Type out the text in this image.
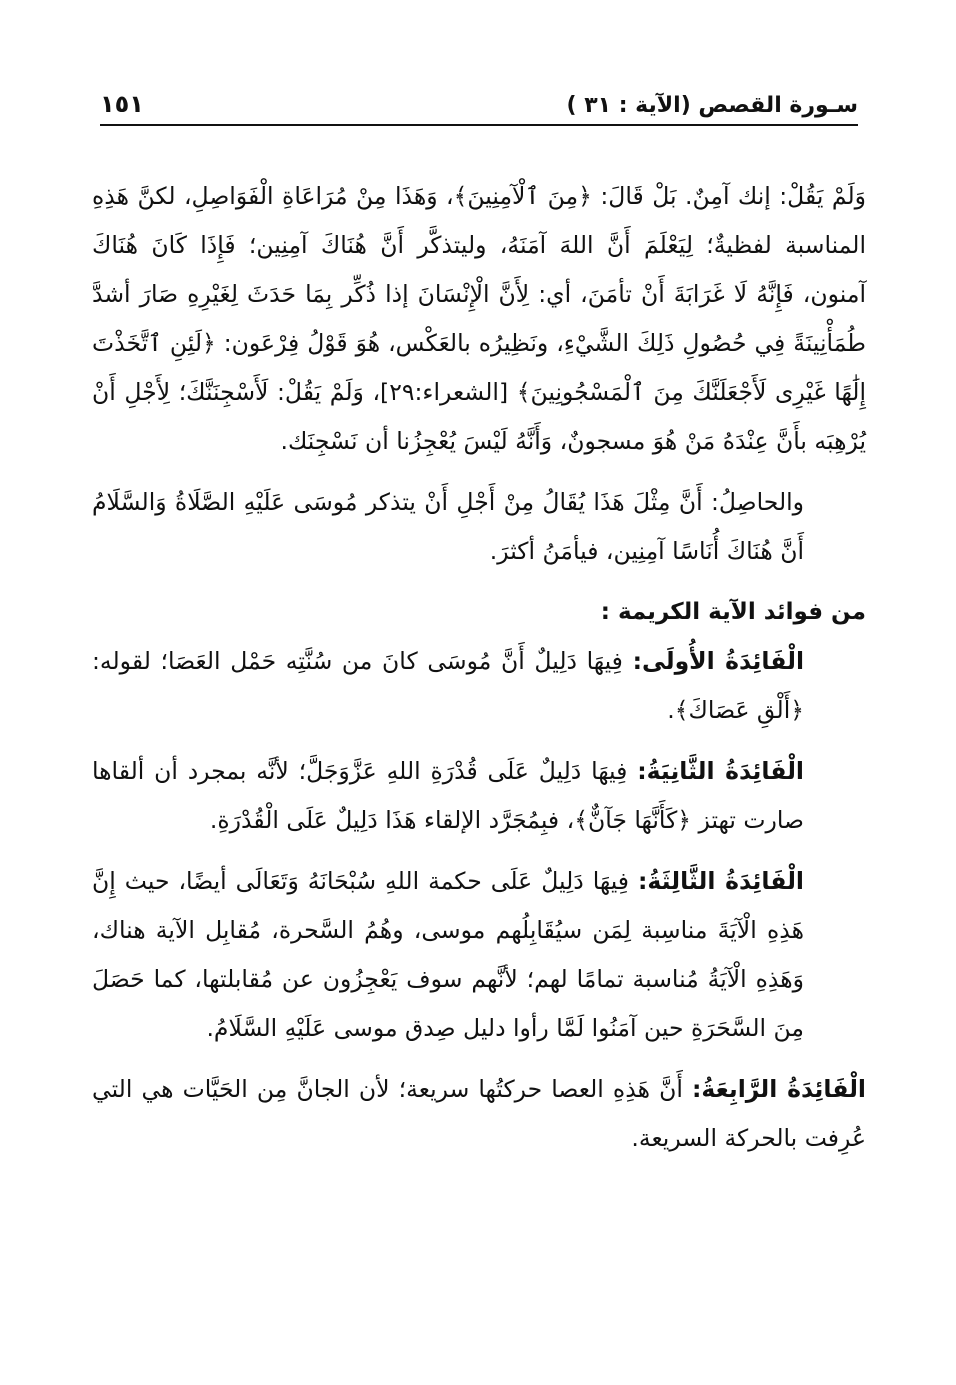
سـورة القصص (الآية : ٣١ )
١٥١

وَلَمْ يَقُلْ: إنك آمِنٌ. بَلْ قَالَ: ﴿مِنَ ٱلْآمِنِينَ﴾، وَهَذَا مِنْ مُرَاعَاةِ الْفَوَاصِلِ، لكنَّ هَذِهِ المناسبة لفظيةٌ؛ لِيَعْلَمَ أَنَّ اللهَ آمَنَهُ، وليتذكَّر أَنَّ هُنَاكَ آمِنِين؛ فَإِذَا كَانَ هُنَاكَ آمنون، فَإِنَّهُ لَا غَرَابَةَ أَنْ تأمَنَ، أي: لِأَنَّ الْإِنْسَانَ إذا ذُكِّر بِمَا حَدَثَ لِغَيْرِهِ صَارَ أشدَّ طُمَأْنِينَةً فِي حُصُولِ ذَلِكَ الشَّيْءِ، ونَظِيرُه بالعَكْس، هُوَ قَوْلُ فِرْعَون: ﴿لَئِنِ ٱتَّخَذْتَ إِلَٰهًا غَيْرِى لَأَجْعَلَنَّكَ مِنَ ٱلْمَسْجُونِينَ﴾ [الشعراء:٢٩]، وَلَمْ يَقُلْ: لَأَسْجِنَنَّكَ؛ لِأَجْلِ أَنْ يُرْهِبَه بأَنَّ عِنْدَهُ مَنْ هُوَ مسجونٌ، وَأَنَّهُ لَيْسَ يُعْجِزُنا أن نَسْجِنَك.

والحاصِلُ: أَنَّ مِثْلَ هَذَا يُقَالُ مِنْ أَجْلِ أَنْ يتذكر مُوسَى عَلَيْهِ الصَّلَاةُ وَالسَّلَامُ أَنَّ هُنَاكَ أُنَاسًا آمِنِين، فيأمَنُ أكثرَ.

من فوائد الآية الكريمة :

الْفَائِدَةُ الأُولَى: فِيهَا دَلِيلٌ أَنَّ مُوسَى كانَ من سُنَّتِه حَمْل العَصَا؛ لقوله: ﴿أَلْقِ عَصَاكَ﴾.

الْفَائِدَةُ الثَّانِيَةُ: فِيهَا دَلِيلٌ عَلَى قُدْرَةِ اللهِ عَزَّوَجَلَّ؛ لأنَّه بمجرد أن ألقاها صارت تهتز ﴿كَأَنَّهَا جَآنٌّ﴾، فبِمُجَرَّد الإلقاء هَذَا دَلِيلٌ عَلَى الْقُدْرَةِ.

الْفَائِدَةُ الثَّالِثَةُ: فِيهَا دَلِيلٌ عَلَى حكمة اللهِ سُبْحَانَهُ وَتَعَالَى أيضًا، حيث إِنَّ هَذِهِ الْآيَةَ مناسِبة لِمَن سيُقَابِلُهم موسى، وهُمُ السَّحرة، مُقابِل الآية هناك، وَهَذِهِ الْآيَةُ مُناسبة تمامًا لهم؛ لأنَّهم سوف يَعْجِزُون عن مُقابلتها، كما حَصَلَ مِنَ السَّحَرَةِ حين آمَنُوا لَمَّا رأوا دليل صِدق موسى عَلَيْهِ السَّلَامُ.

الْفَائِدَةُ الرَّابِعَةُ: أَنَّ هَذِهِ العصا حركتُها سريعة؛ لأن الجانَّ مِن الحَيَّات هي التي عُرِفت بالحركة السريعة.
